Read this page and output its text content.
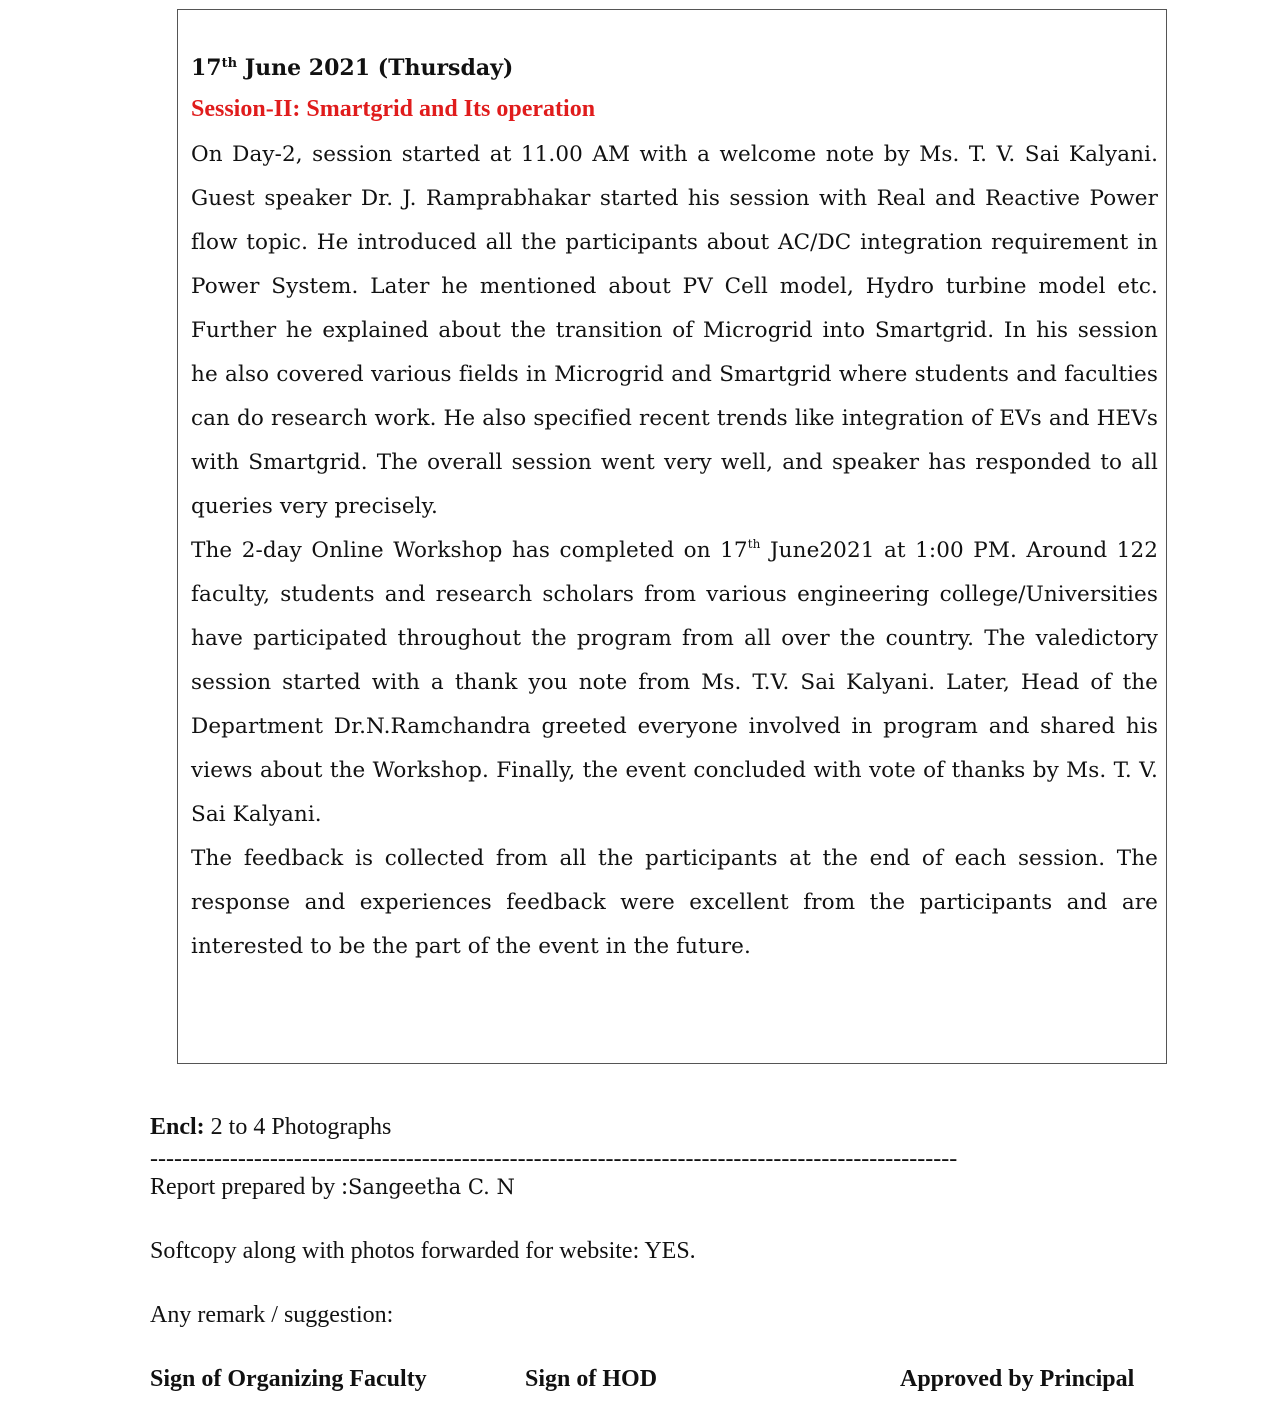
17th June 2021 (Thursday)

Session-II: Smartgrid and Its operation

On Day-2, session started at 11.00 AM with a welcome note by Ms. T. V. Sai Kalyani. Guest speaker Dr. J. Ramprabhakar started his session with Real and Reactive Power flow topic. He introduced all the participants about AC/DC integration requirement in Power System. Later he mentioned about PV Cell model, Hydro turbine model etc. Further he explained about the transition of Microgrid into Smartgrid. In his session he also covered various fields in Microgrid and Smartgrid where students and faculties can do research work. He also specified recent trends like integration of EVs and HEVs with Smartgrid. The overall session went very well, and speaker has responded to all queries very precisely.

The 2-day Online Workshop has completed on 17th June2021 at 1:00 PM. Around 122 faculty, students and research scholars from various engineering college/Universities have participated throughout the program from all over the country. The valedictory session started with a thank you note from Ms. T.V. Sai Kalyani. Later, Head of the Department Dr.N.Ramchandra greeted everyone involved in program and shared his views about the Workshop. Finally, the event concluded with vote of thanks by Ms. T. V. Sai Kalyani.

The feedback is collected from all the participants at the end of each session. The response and experiences feedback were excellent from the participants and are interested to be the part of the event in the future.

Encl: 2 to 4 Photographs
-----------------------------------------------------------------------------------------------------
Report prepared by :Sangeetha C. N
Softcopy along with photos forwarded for website: YES.
Any remark / suggestion:
Sign of Organizing Faculty	Sign of HOD	Approved by Principal
